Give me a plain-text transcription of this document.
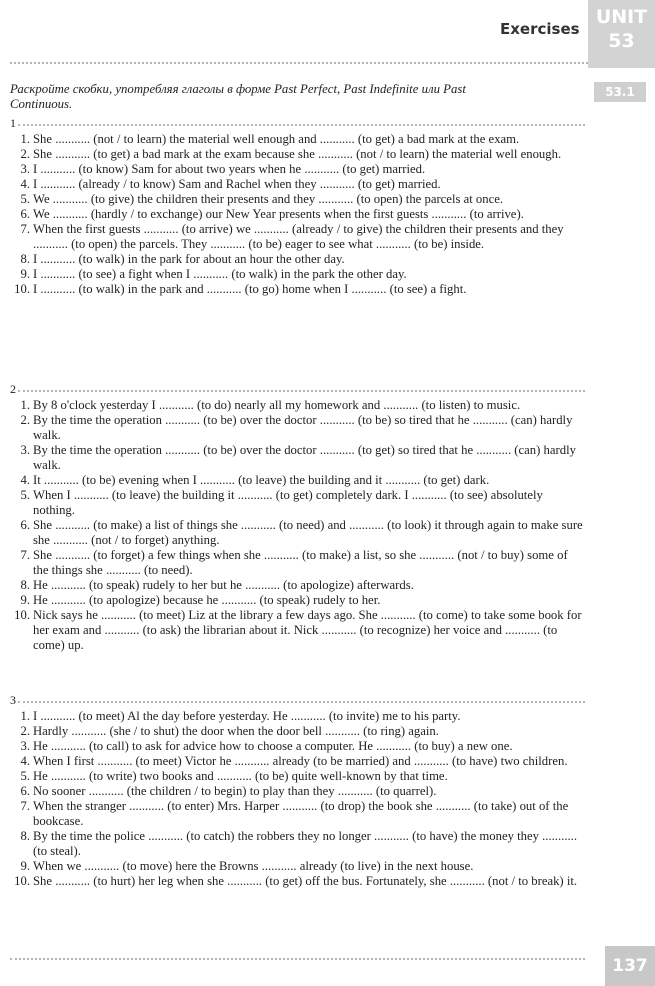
Exercises
UNIT
53
Раскройте скобки, употребляя глаголы в форме Past Perfect, Past Indefinite или Past Continuous.
53.1
1
1. She ........... (not / to learn) the material well enough and ........... (to get) a bad mark at the exam.
2. She ........... (to get) a bad mark at the exam because she ........... (not / to learn) the material well enough.
3. I ........... (to know) Sam for about two years when he ........... (to get) married.
4. I ........... (already / to know) Sam and Rachel when they ........... (to get) married.
5. We ........... (to give) the children their presents and they ........... (to open) the parcels at once.
6. We ........... (hardly / to exchange) our New Year presents when the first guests ........... (to arrive).
7. When the first guests ........... (to arrive) we ........... (already / to give) the children their presents and they ........... (to open) the parcels. They ........... (to be) eager to see what ........... (to be) inside.
8. I ........... (to walk) in the park for about an hour the other day.
9. I ........... (to see) a fight when I ........... (to walk) in the park the other day.
10. I ........... (to walk) in the park and ........... (to go) home when I ........... (to see) a fight.
2
1. By 8 o'clock yesterday I ........... (to do) nearly all my homework and ........... (to listen) to music.
2. By the time the operation ........... (to be) over the doctor ........... (to be) so tired that he ........... (can) hardly walk.
3. By the time the operation ........... (to be) over the doctor ........... (to get) so tired that he ........... (can) hardly walk.
4. It ........... (to be) evening when I ........... (to leave) the building and it ........... (to get) dark.
5. When I ........... (to leave) the building it ........... (to get) completely dark. I ........... (to see) absolutely nothing.
6. She ........... (to make) a list of things she ........... (to need) and ........... (to look) it through again to make sure she ........... (not / to forget) anything.
7. She ........... (to forget) a few things when she ........... (to make) a list, so she ........... (not / to buy) some of the things she ........... (to need).
8. He ........... (to speak) rudely to her but he ........... (to apologize) afterwards.
9. He ........... (to apologize) because he ........... (to speak) rudely to her.
10. Nick says he ........... (to meet) Liz at the library a few days ago. She ........... (to come) to take some book for her exam and ........... (to ask) the librarian about it. Nick ........... (to recognize) her voice and ........... (to come) up.
3
1. I ........... (to meet) Al the day before yesterday. He ........... (to invite) me to his party.
2. Hardly ........... (she / to shut) the door when the door bell ........... (to ring) again.
3. He ........... (to call) to ask for advice how to choose a computer. He ........... (to buy) a new one.
4. When I first ........... (to meet) Victor he ........... already (to be married) and ........... (to have) two children.
5. He ........... (to write) two books and ........... (to be) quite well-known by that time.
6. No sooner ........... (the children / to begin) to play than they ........... (to quarrel).
7. When the stranger ........... (to enter) Mrs. Harper ........... (to drop) the book she ........... (to take) out of the bookcase.
8. By the time the police ........... (to catch) the robbers they no longer ........... (to have) the money they ........... (to steal).
9. When we ........... (to move) here the Browns ........... already (to live) in the next house.
10. She ........... (to hurt) her leg when she ........... (to get) off the bus. Fortunately, she ........... (not / to break) it.
137
